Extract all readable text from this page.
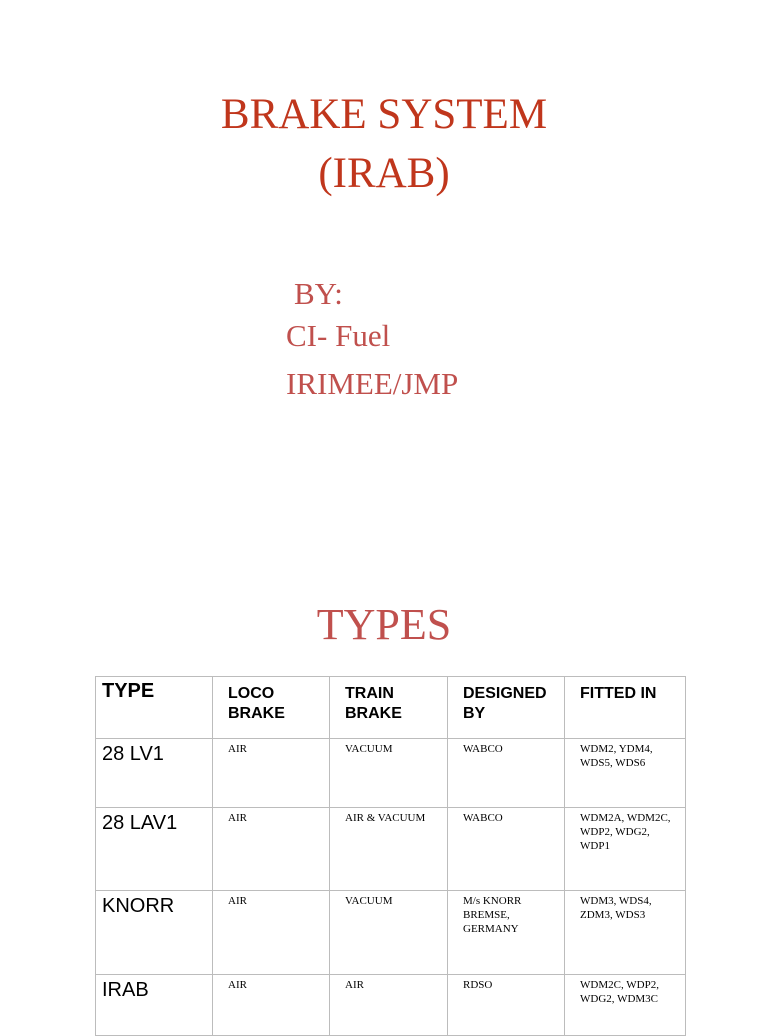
BRAKE SYSTEM
(IRAB)

BY:

CI- Fuel

IRIMEE/JMP

TYPES
TYPE	LOCO BRAKE	TRAIN BRAKE	DESIGNED BY	FITTED IN

28 LV1	AIR	VACUUM	WABCO	WDM2, YDM4, WDS5, WDS6

28 LAV1	AIR	AIR & VACUUM	WABCO	WDM2A, WDM2C, WDP2, WDG2, WDP1

KNORR	AIR	VACUUM	M/s KNORR BREMSE, GERMANY	WDM3, WDS4, ZDM3, WDS3

IRAB	AIR	AIR	RDSO	WDM2C, WDP2, WDG2, WDM3C
